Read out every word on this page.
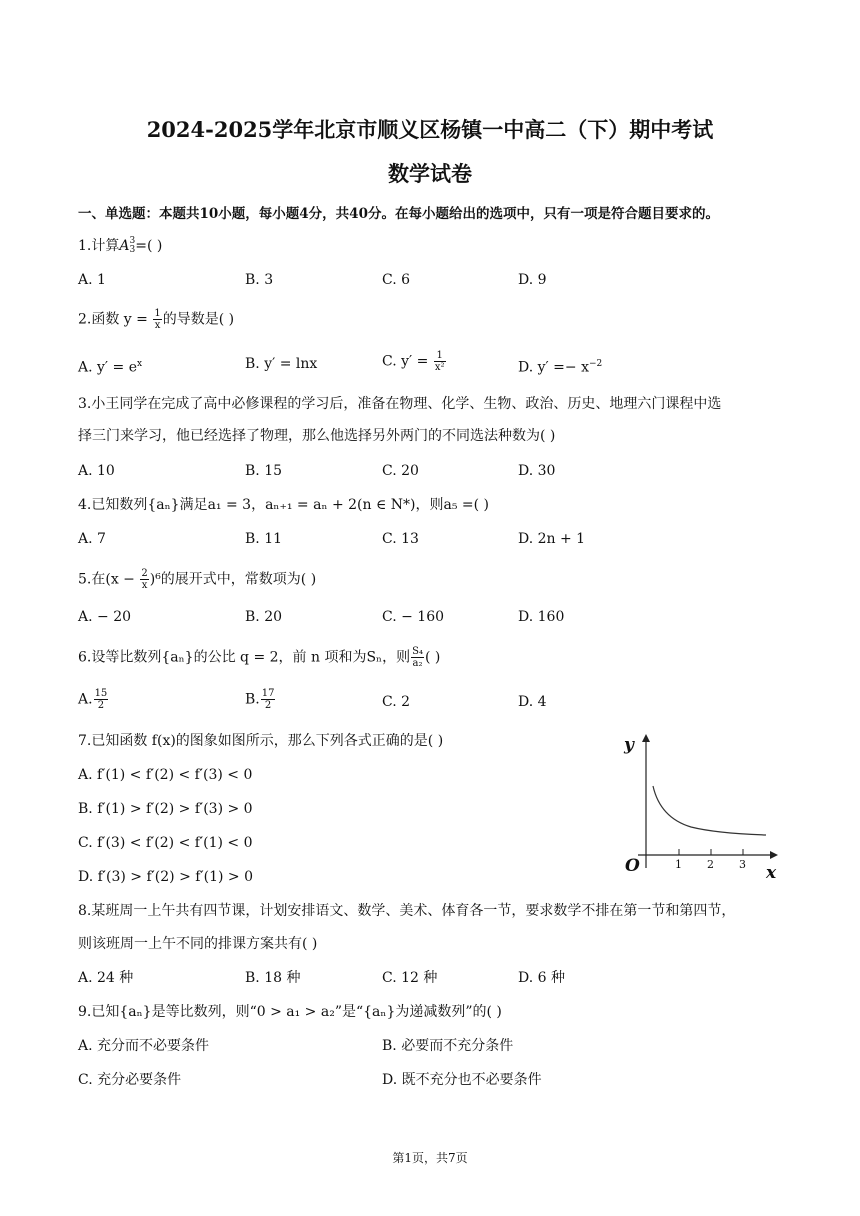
2024-2025学年北京市顺义区杨镇一中高二（下）期中考试
数学试卷
一、单选题：本题共10小题，每小题4分，共40分。在每小题给出的选项中，只有一项是符合题目要求的。
1.计算A 3
3 =( )
A. 1	B. 3	C. 6	D. 9
2.函数 $y = \frac{1}{x}$ 的导数是( )
A. $y' = e^x$	B. y′ = lnx	C. $y' = \frac{1}{\text{x²}}$	D. $y' =- x^{-2}$
3.小王同学在完成了高中必修课程的学习后，准备在物理、化学、生物、政治、历史、地理六门课程中选
择三门来学习，他已经选择了物理，那么他选择另外两门的不同选法种数为( )
A. 10	B. 15	C. 20	D. 30
4.已知数列{aₙ}满足a₁ = 3，aₙ₊₁ = aₙ + 2(n ∈ N*)，则a₅ =( )
A. 7	B. 11	C. 13	D. 2n + 1
5.在$(x - \frac{2}{x} )^6$的展开式中，常数项为( )
A. − 20	B. 20	C. − 160	D. 160
6.设等比数列{aₙ}的公比 q = 2，前 n 项和为Sₙ，则 $\frac{\text{S₄}}{\text{a₂}}$ ( )
A. $\frac{15}{2}$	B. $\frac{17}{2}$	C. 2	D. 4
7.已知函数 f(x)的图象如图所示，那么下列各式正确的是( )
A. f′(1) < f′(2) < f′(3) < 0
B. f′(1) > f′(2) > f′(3) > 0
C. f′(3) < f′(2) < f′(1) < 0
D. f′(3) > f′(2) > f′(1) > 0
y
x
O	1 2 3
8.某班周一上午共有四节课，计划安排语文、数学、美术、体育各一节，要求数学不排在第一节和第四节，
则该班周一上午不同的排课方案共有( )
A. 24 种	B. 18 种	C. 12 种	D. 6 种
9.已知{aₙ}是等比数列，则“0 > a₁ > a₂”是“{aₙ}为递减数列”的( )
A. 充分而不必要条件	B. 必要而不充分条件
C. 充分必要条件	D. 既不充分也不必要条件
第1页，共7页
